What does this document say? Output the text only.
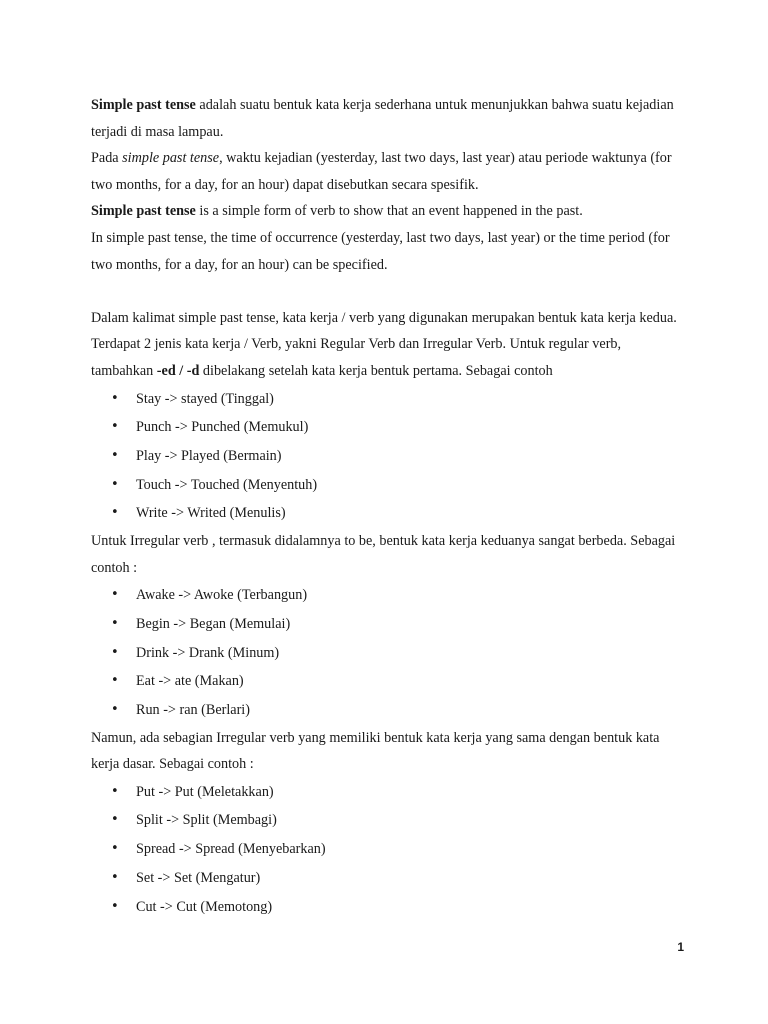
Simple past tense adalah suatu bentuk kata kerja sederhana untuk menunjukkan bahwa suatu kejadian terjadi di masa lampau.

Pada simple past tense, waktu kejadian (yesterday, last two days, last year) atau periode waktunya (for two months, for a day, for an hour) dapat disebutkan secara spesifik.

Simple past tense is a simple form of verb to show that an event happened in the past.

In simple past tense, the time of occurrence (yesterday, last two days, last year) or the time period (for two months, for a day, for an hour) can be specified.

Dalam kalimat simple past tense, kata kerja / verb yang digunakan merupakan bentuk kata kerja kedua. Terdapat 2 jenis kata kerja / Verb, yakni Regular Verb dan Irregular Verb. Untuk regular verb, tambahkan -ed / -d dibelakang setelah kata kerja bentuk pertama. Sebagai contoh

• Stay -> stayed (Tinggal)
• Punch -> Punched (Memukul)
• Play -> Played (Bermain)
• Touch -> Touched (Menyentuh)
• Write -> Writed (Menulis)

Untuk Irregular verb , termasuk didalamnya to be, bentuk kata kerja keduanya sangat berbeda. Sebagai contoh :

• Awake -> Awoke (Terbangun)
• Begin -> Began (Memulai)
• Drink -> Drank (Minum)
• Eat -> ate (Makan)
• Run -> ran (Berlari)

Namun, ada sebagian Irregular verb yang memiliki bentuk kata kerja yang sama dengan bentuk kata kerja dasar. Sebagai contoh :

• Put -> Put (Meletakkan)
• Split -> Split (Membagi)
• Spread -> Spread (Menyebarkan)
• Set -> Set (Mengatur)
• Cut -> Cut (Memotong)
1
